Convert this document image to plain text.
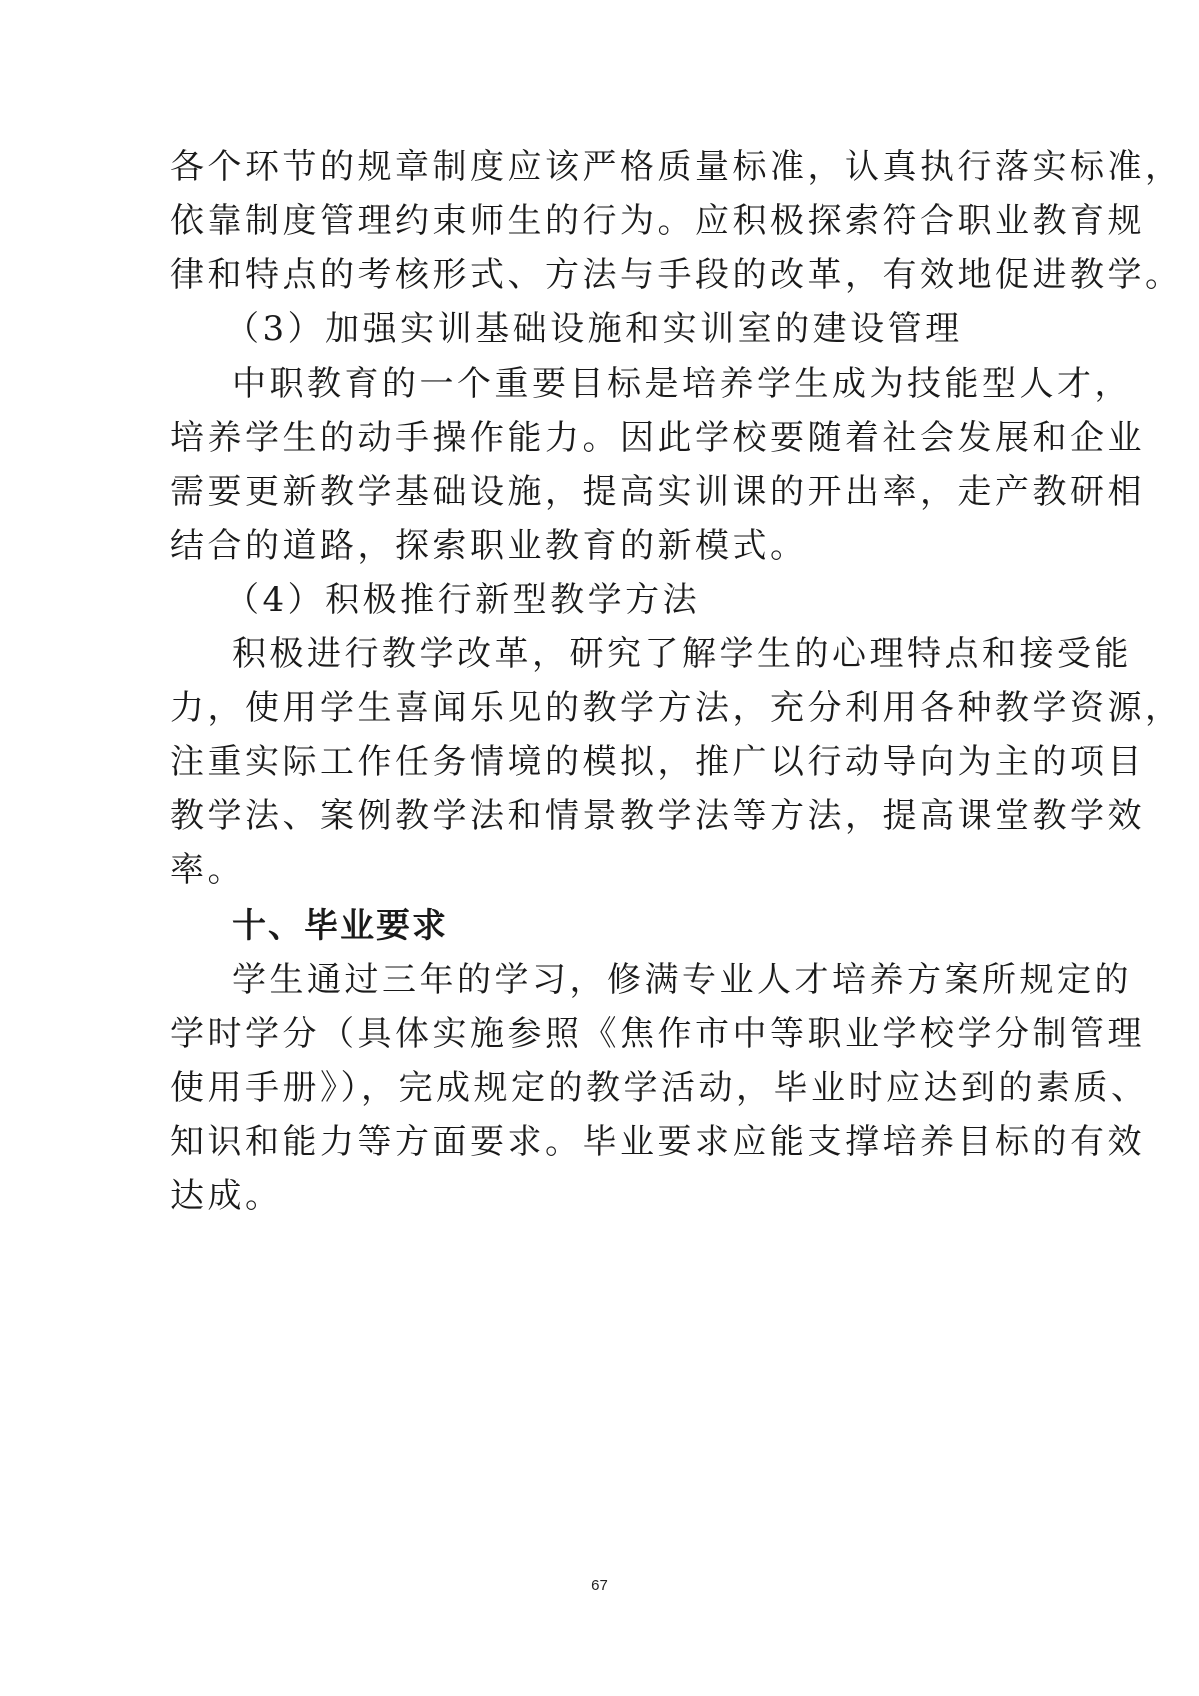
各个环节的规章制度应该严格质量标准，认真执行落实标准，
依靠制度管理约束师生的行为。应积极探索符合职业教育规
律和特点的考核形式、方法与手段的改革，有效地促进教学。
（3）加强实训基础设施和实训室的建设管理
中职教育的一个重要目标是培养学生成为技能型人才，
培养学生的动手操作能力。因此学校要随着社会发展和企业
需要更新教学基础设施，提高实训课的开出率，走产教研相
结合的道路，探索职业教育的新模式。
（4）积极推行新型教学方法
积极进行教学改革，研究了解学生的心理特点和接受能
力，使用学生喜闻乐见的教学方法，充分利用各种教学资源，
注重实际工作任务情境的模拟，推广以行动导向为主的项目
教学法、案例教学法和情景教学法等方法，提高课堂教学效
率。
十、毕业要求
学生通过三年的学习，修满专业人才培养方案所规定的
学时学分（具体实施参照《焦作市中等职业学校学分制管理
使用手册》），完成规定的教学活动，毕业时应达到的素质、
知识和能力等方面要求。毕业要求应能支撑培养目标的有效
达成。
67
